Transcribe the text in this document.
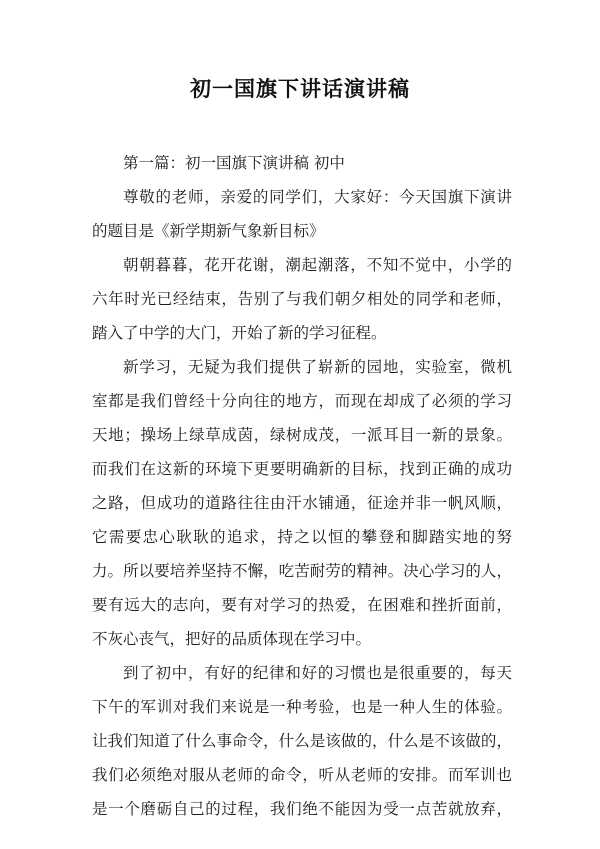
初一国旗下讲话演讲稿
第一篇：初一国旗下演讲稿 初中
尊敬的老师，亲爱的同学们，大家好：今天国旗下演讲
的题目是《新学期新气象新目标》
朝朝暮暮，花开花谢，潮起潮落，不知不觉中，小学的
六年时光已经结束，告别了与我们朝夕相处的同学和老师，
踏入了中学的大门，开始了新的学习征程。
新学习，无疑为我们提供了崭新的园地，实验室，微机
室都是我们曾经十分向往的地方，而现在却成了必须的学习
天地；操场上绿草成茵，绿树成茂，一派耳目一新的景象。
而我们在这新的环境下更要明确新的目标，找到正确的成功
之路，但成功的道路往往由汗水铺通，征途并非一帆风顺，
它需要忠心耿耿的追求，持之以恒的攀登和脚踏实地的努
力。所以要培养坚持不懈，吃苦耐劳的精神。决心学习的人，
要有远大的志向，要有对学习的热爱，在困难和挫折面前，
不灰心丧气，把好的品质体现在学习中。
到了初中，有好的纪律和好的习惯也是很重要的，每天
下午的军训对我们来说是一种考验，也是一种人生的体验。
让我们知道了什么事命令，什么是该做的，什么是不该做的，
我们必须绝对服从老师的命令，听从老师的安排。而军训也
是一个磨砺自己的过程，我们绝不能因为受一点苦就放弃，
